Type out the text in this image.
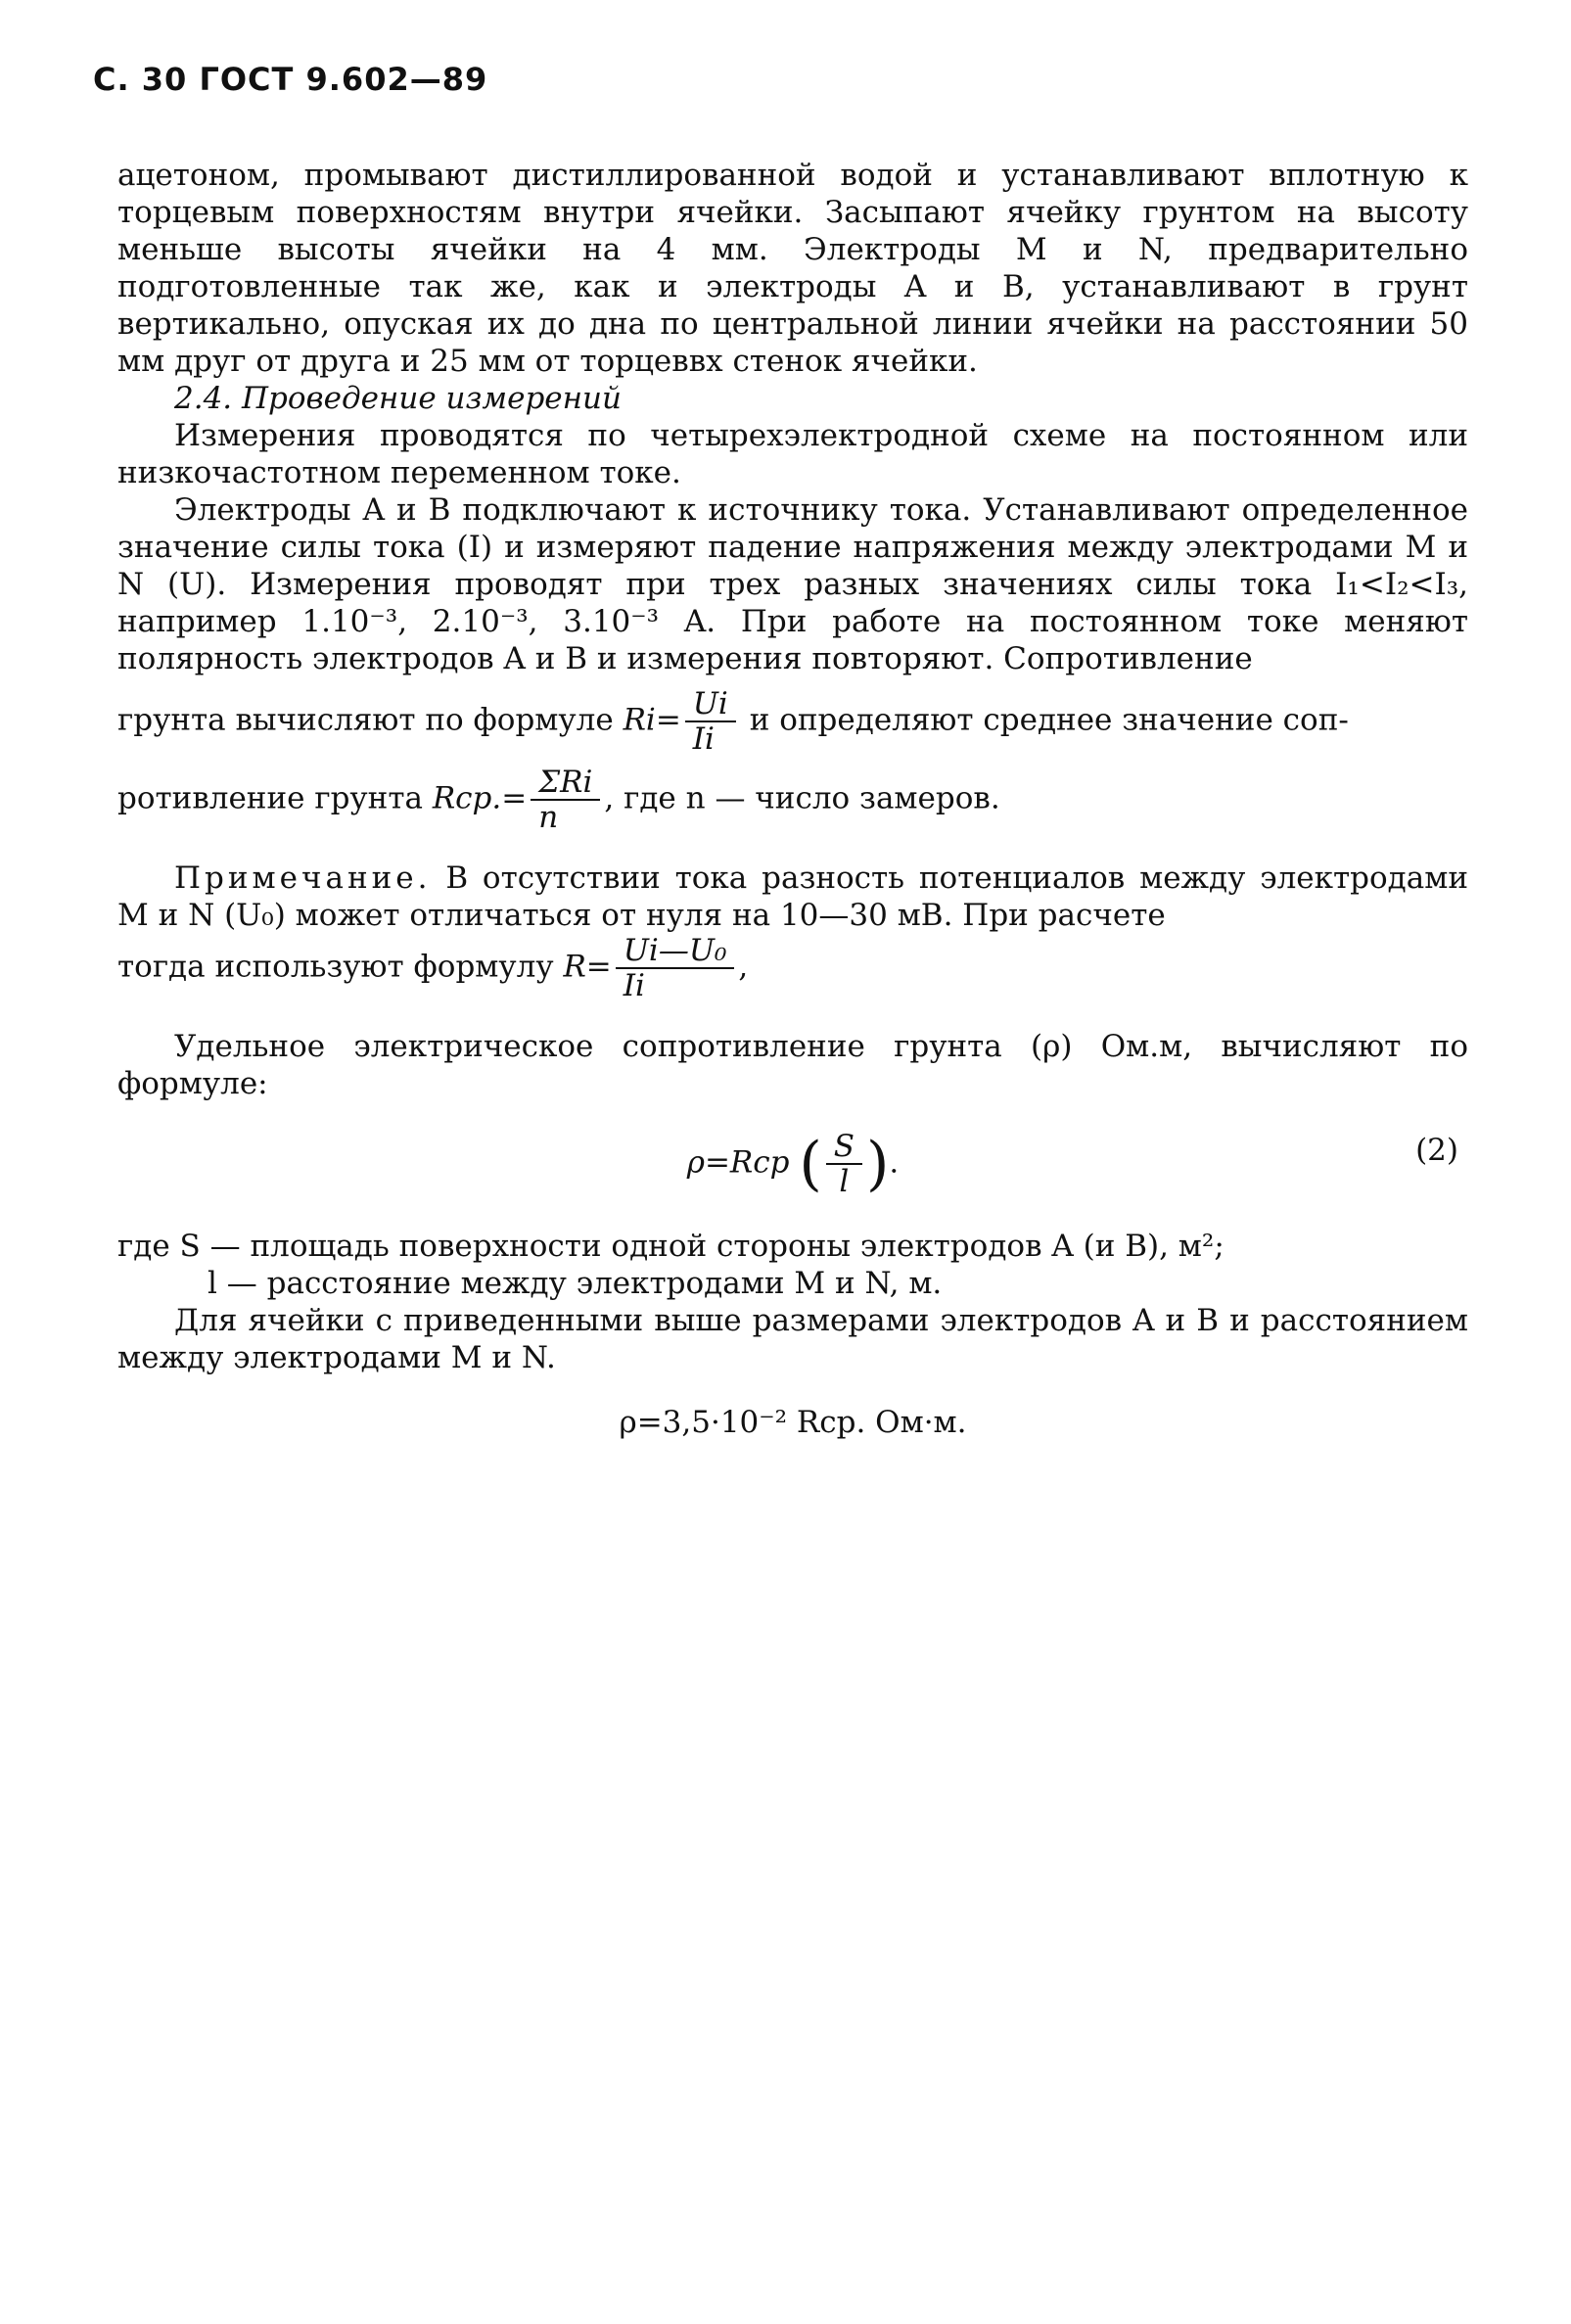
С. 30 ГОСТ 9.602—89

ацетоном, промывают дистиллированной водой и устанавливают вплотную к торцевым поверхностям внутри ячейки. Засыпают ячейку грунтом на высоту меньше высоты ячейки на 4 мм. Электроды M и N, предварительно подготовленные так же, как и электроды A и B, устанавливают в грунт вертикально, опуская их до дна по центральной линии ячейки на расстоянии 50 мм друг от друга и 25 мм от торцеввх стенок ячейки.

2.4. Проведение измерений

Измерения проводятся по четырехэлектродной схеме на постоянном или низкочастотном переменном токе.

Электроды A и B подключают к источнику тока. Устанавливают определенное значение силы тока (I) и измеряют падение напряжения между электродами M и N (U). Измерения проводят при трех разных значениях силы тока I₁<I₂<I₃, например 1.10⁻³, 2.10⁻³, 3.10⁻³ A. При работе на постоянном токе меняют полярность электродов A и B и измерения повторяют. Сопротивление

грунта вычисляют по формуле $Ri= \frac{Ui}{Ii}$ и определяют среднее значение соп-

ротивление грунта $Rср.= \frac{\text{ΣRi}}{n}$ , где n — число замеров.

Примечание. В отсутствии тока разность потенциалов между электродами M и N (U₀) может отличаться от нуля на 10—30 мВ. При расчете

тогда используют формулу $R= \frac{\text{Ui—U₀}}{Ii}$ ,

Удельное электрическое сопротивление грунта (ρ) Ом.м, вычисляют по формуле:

ρ=Rср ( $\frac{S}{l}$ ).	(2)

где S — площадь поверхности одной стороны электродов A (и B), м²;

l — расстояние между электродами M и N, м.

Для ячейки с приведенными выше размерами электродов A и B и расстоянием между электродами M и N.

ρ=3,5·10⁻² Rср. Ом·м.
